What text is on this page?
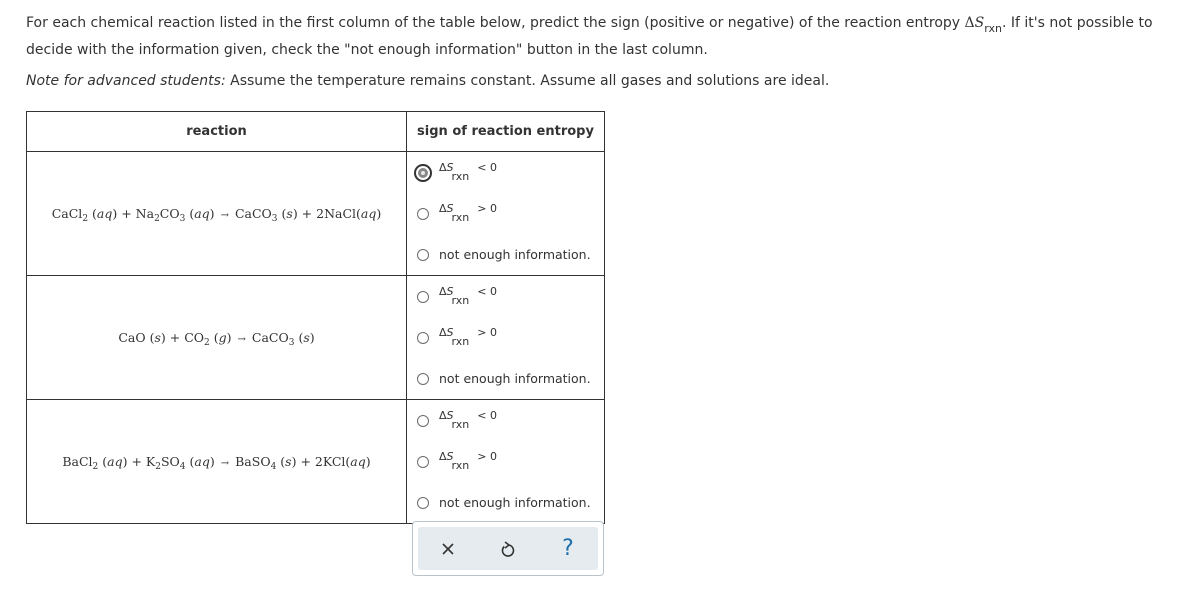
For each chemical reaction listed in the first column of the table below, predict the sign (positive or negative) of the reaction entropy $\Delta S_{rxn}$. If it's not possible to decide with the information given, check the "not enough information" button in the last column.

Note for advanced students: Assume the temperature remains constant. Assume all gases and solutions are ideal.

reaction	sign of reaction entropy
CaCl$_2$ $(aq) + Na_2CO_3$ (aq) → CaCO$_3$ (s) + 2NaCl(aq)	ΔSrxn< 0
ΔSrxn> 0
not enough information.

CaO $(s) + CO_2$ (g) → CaCO$_3$ (s)	ΔSrxn< 0
ΔSrxn> 0
not enough information.

BaCl$_2$ $(aq) + K_2SO_4$ (aq) → BaSO$_4$ (s) + 2KCl(aq)	ΔSrxn< 0
ΔSrxn> 0
not enough information.
?
